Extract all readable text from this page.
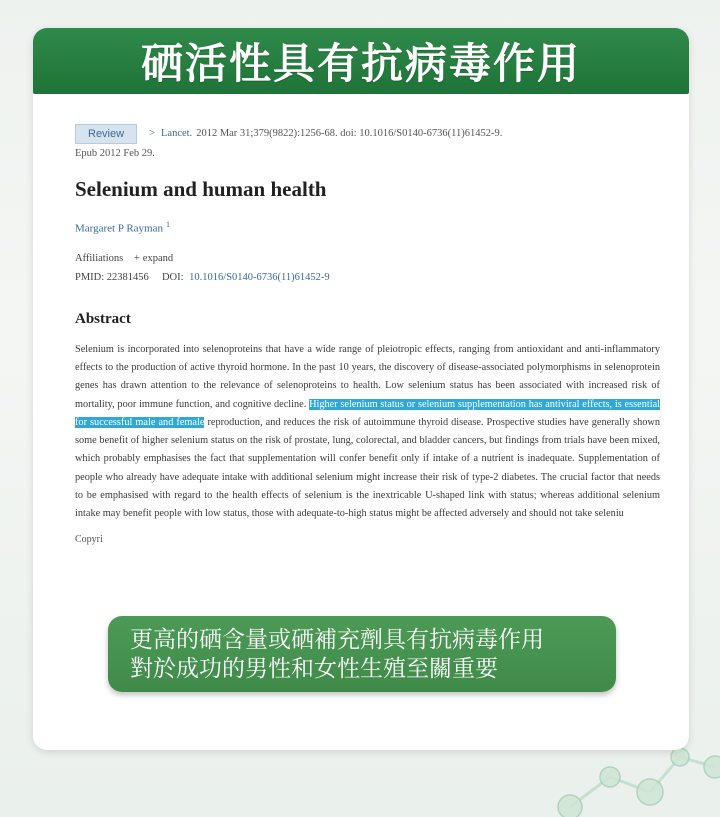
硒活性具有抗病毒作用
Review	> Lancet. 2012 Mar 31;379(9822):1256-68. doi: 10.1016/S0140-6736(11)61452-9.
Epub 2012 Feb 29.
Selenium and human health
Margaret P Rayman $^1$
Affiliations + expand
PMID: 22381456 DOI: 10.1016/S0140-6736(11)61452-9
Abstract
Selenium is incorporated into selenoproteins that have a wide range of pleiotropic effects, ranging from antioxidant and anti-inflammatory effects to the production of active thyroid hormone. In the past 10 years, the discovery of disease-associated polymorphisms in selenoprotein genes has drawn attention to the relevance of selenoproteins to health. Low selenium status has been associated with increased risk of mortality, poor immune function, and cognitive decline. Higher selenium status or selenium supplementation has antiviral effects, is essential for successful male and female reproduction, and reduces the risk of autoimmune thyroid disease. Prospective studies have generally shown some benefit of higher selenium status on the risk of prostate, lung, colorectal, and bladder cancers, but findings from trials have been mixed, which probably emphasises the fact that supplementation will confer benefit only if intake of a nutrient is inadequate. Supplementation of people who already have adequate intake with additional selenium might increase their risk of type-2 diabetes. The crucial factor that needs to be emphasised with regard to the health effects of selenium is the inextricable U-shaped link with status; whereas additional selenium intake may benefit people with low status, those with adequate-to-high status might be affected adversely and should not take seleniu
Copyri
更高的硒含量或硒補充劑具有抗病毒作用
對於成功的男性和女性生殖至關重要
